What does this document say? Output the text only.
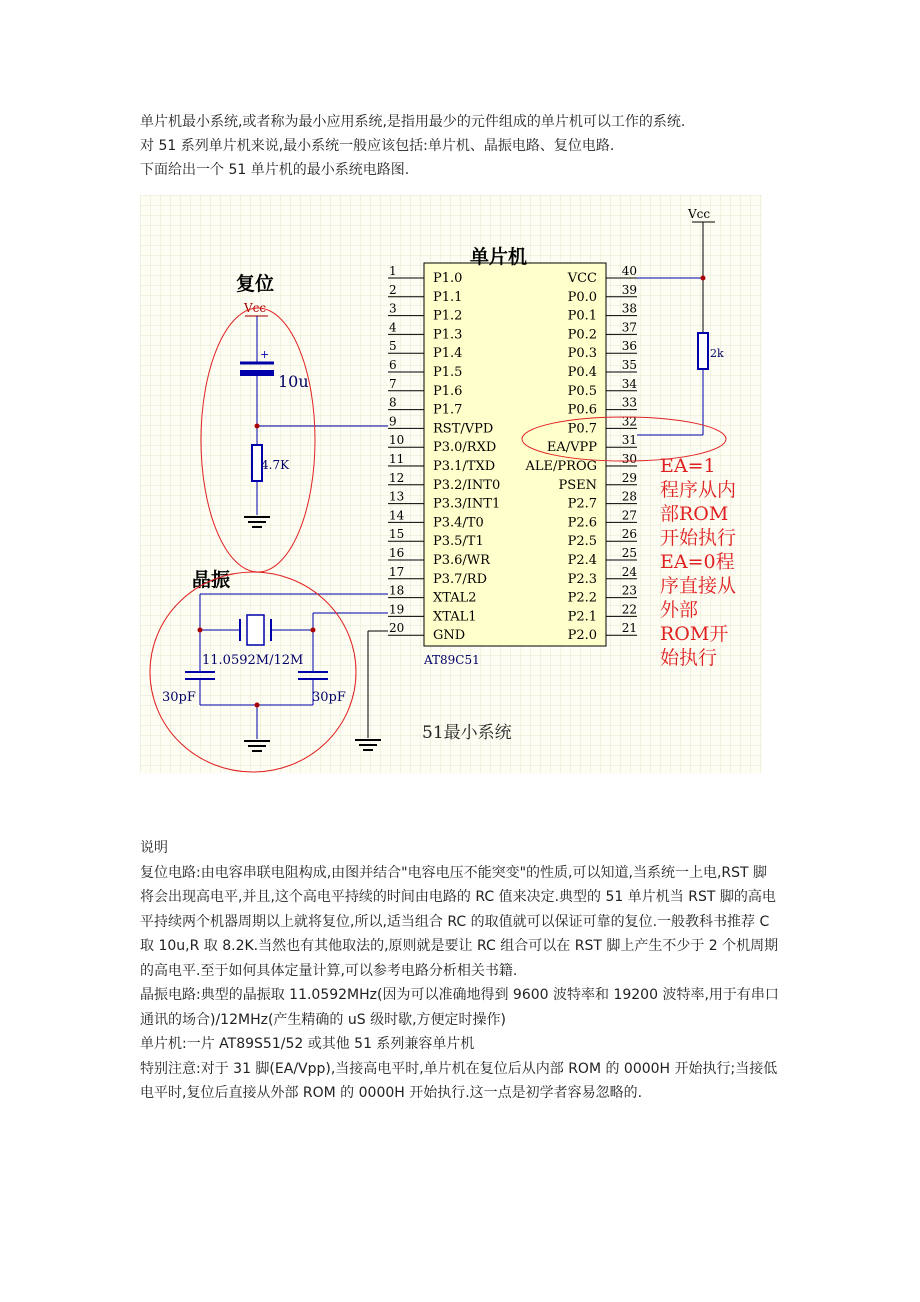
单片机最小系统,或者称为最小应用系统,是指用最少的元件组成的单片机可以工作的系统.

对 51 系列单片机来说,最小系统一般应该包括:单片机、晶振电路、复位电路.

下面给出一个 51 单片机的最小系统电路图.

单片机
AT89C51
1	P1.0
2	P1.1
3	P1.2
4	P1.3
5	P1.4
6	P1.5
7	P1.6
8	P1.7
9	RST/VPD
10 P3.0/RXD
11 P3.1/TXD
12 P3.2/INT0
13 P3.3/INT1
14
P3.4/T0
15 P3.5/T1
16 P3.6/WR
17 P3.7/RD
18 XTAL2
19 XTAL1
20 GND
40
VCC
39
P0.0
38
P0.1
37
P0.2
36
P0.3
35
P0.4
34
P0.5
33
P0.6
32
P0.7
31
EA/VPP
30
ALE/PROG
29
PSEN
28
P2.7
27
P2.6
26
P2.5
25
P2.4
24
P2.3
23
P2.2
22
P2.1
21
P2.0
Vcc
2k
复位
Vcc
+
10u
4.7K
晶振
11.0592M/12M
30pF	30pF
51最小系统
EA=1 程序从内部ROM 开始执行 EA=0程序直接从外部 ROM开始执行

说明

复位电路:由电容串联电阻构成,由图并结合"电容电压不能突变"的性质,可以知道,当系统一上电,RST 脚将会出现高电平,并且,这个高电平持续的时间由电路的 RC 值来决定.典型的 51 单片机当 RST 脚的高电平持续两个机器周期以上就将复位,所以,适当组合 RC 的取值就可以保证可靠的复位.一般教科书推荐 C 取 10u,R 取 8.2K.当然也有其他取法的,原则就是要让 RC 组合可以在 RST 脚上产生不少于 2 个机周期的高电平.至于如何具体定量计算,可以参考电路分析相关书籍.

晶振电路:典型的晶振取 11.0592MHz(因为可以准确地得到 9600 波特率和 19200 波特率,用于有串口通讯的场合)/12MHz(产生精确的 uS 级时歇,方便定时操作)

单片机:一片 AT89S51/52 或其他 51 系列兼容单片机

特别注意:对于 31 脚(EA/Vpp),当接高电平时,单片机在复位后从内部 ROM 的 0000H 开始执行;当接低电平时,复位后直接从外部 ROM 的 0000H 开始执行.这一点是初学者容易忽略的.
